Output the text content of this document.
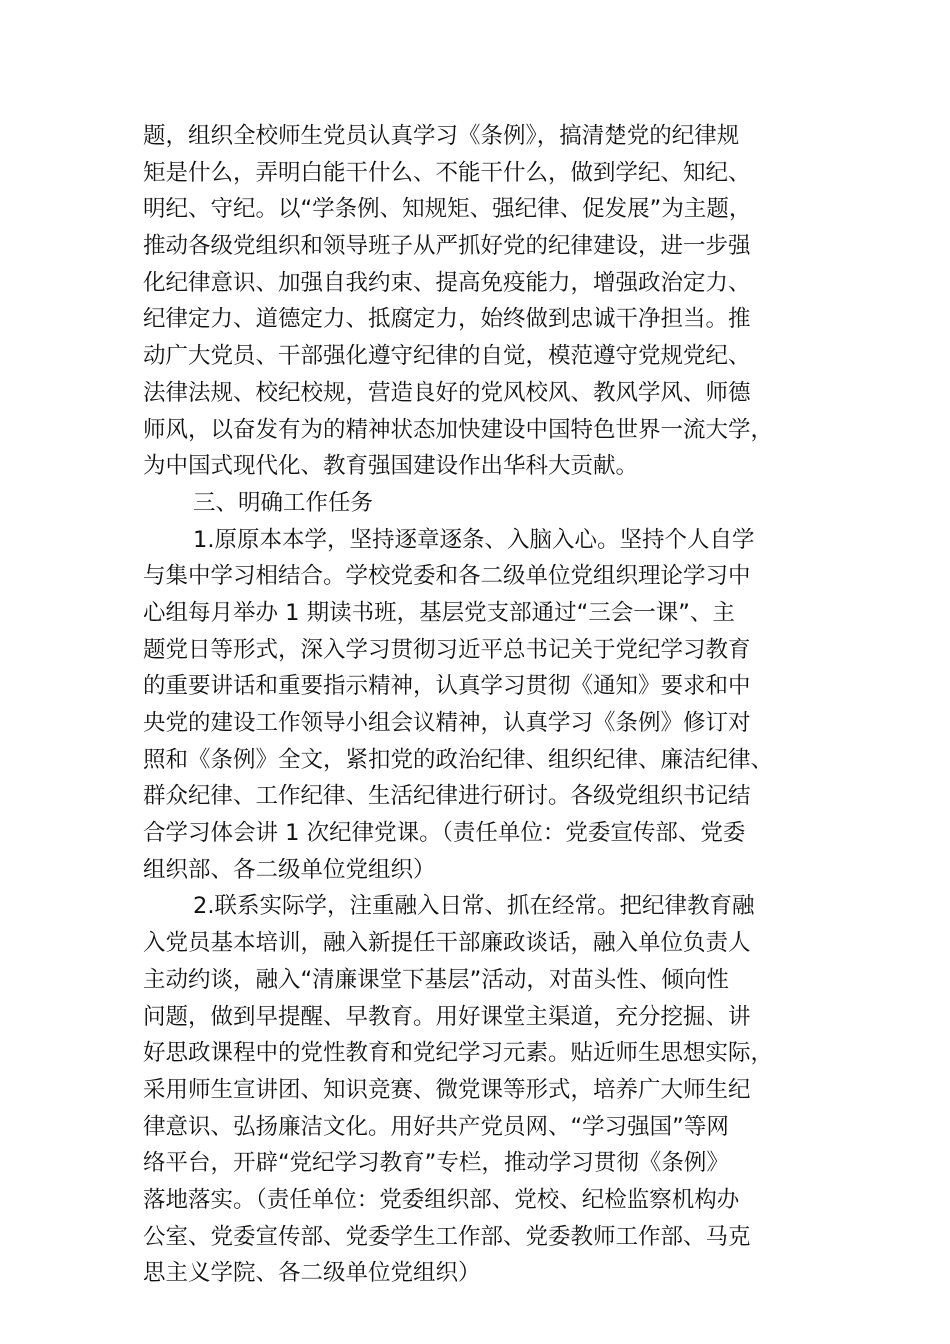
题，组织全校师生党员认真学习《条例》，搞清楚党的纪律规
矩是什么，弄明白能干什么、不能干什么，做到学纪、知纪、
明纪、守纪。以“学条例、知规矩、强纪律、促发展”为主题，
推动各级党组织和领导班子从严抓好党的纪律建设，进一步强
化纪律意识、加强自我约束、提高免疫能力，增强政治定力、
纪律定力、道德定力、抵腐定力，始终做到忠诚干净担当。推
动广大党员、干部强化遵守纪律的自觉，模范遵守党规党纪、
法律法规、校纪校规，营造良好的党风校风、教风学风、师德
师风，以奋发有为的精神状态加快建设中国特色世界一流大学，
为中国式现代化、教育强国建设作出华科大贡献。
三、明确工作任务
1.原原本本学，坚持逐章逐条、入脑入心。坚持个人自学
与集中学习相结合。学校党委和各二级单位党组织理论学习中
心组每月举办 1 期读书班，基层党支部通过“三会一课”、主
题党日等形式，深入学习贯彻习近平总书记关于党纪学习教育
的重要讲话和重要指示精神，认真学习贯彻《通知》要求和中
央党的建设工作领导小组会议精神，认真学习《条例》修订对
照和《条例》全文，紧扣党的政治纪律、组织纪律、廉洁纪律、
群众纪律、工作纪律、生活纪律进行研讨。各级党组织书记结
合学习体会讲 1 次纪律党课。（责任单位：党委宣传部、党委
组织部、各二级单位党组织）
2.联系实际学，注重融入日常、抓在经常。把纪律教育融
入党员基本培训，融入新提任干部廉政谈话，融入单位负责人
主动约谈，融入“清廉课堂下基层”活动，对苗头性、倾向性
问题，做到早提醒、早教育。用好课堂主渠道，充分挖掘、讲
好思政课程中的党性教育和党纪学习元素。贴近师生思想实际，
采用师生宣讲团、知识竞赛、微党课等形式，培养广大师生纪
律意识、弘扬廉洁文化。用好共产党员网、“学习强国”等网
络平台，开辟“党纪学习教育”专栏，推动学习贯彻《条例》
落地落实。（责任单位：党委组织部、党校、纪检监察机构办
公室、党委宣传部、党委学生工作部、党委教师工作部、马克
思主义学院、各二级单位党组织）
